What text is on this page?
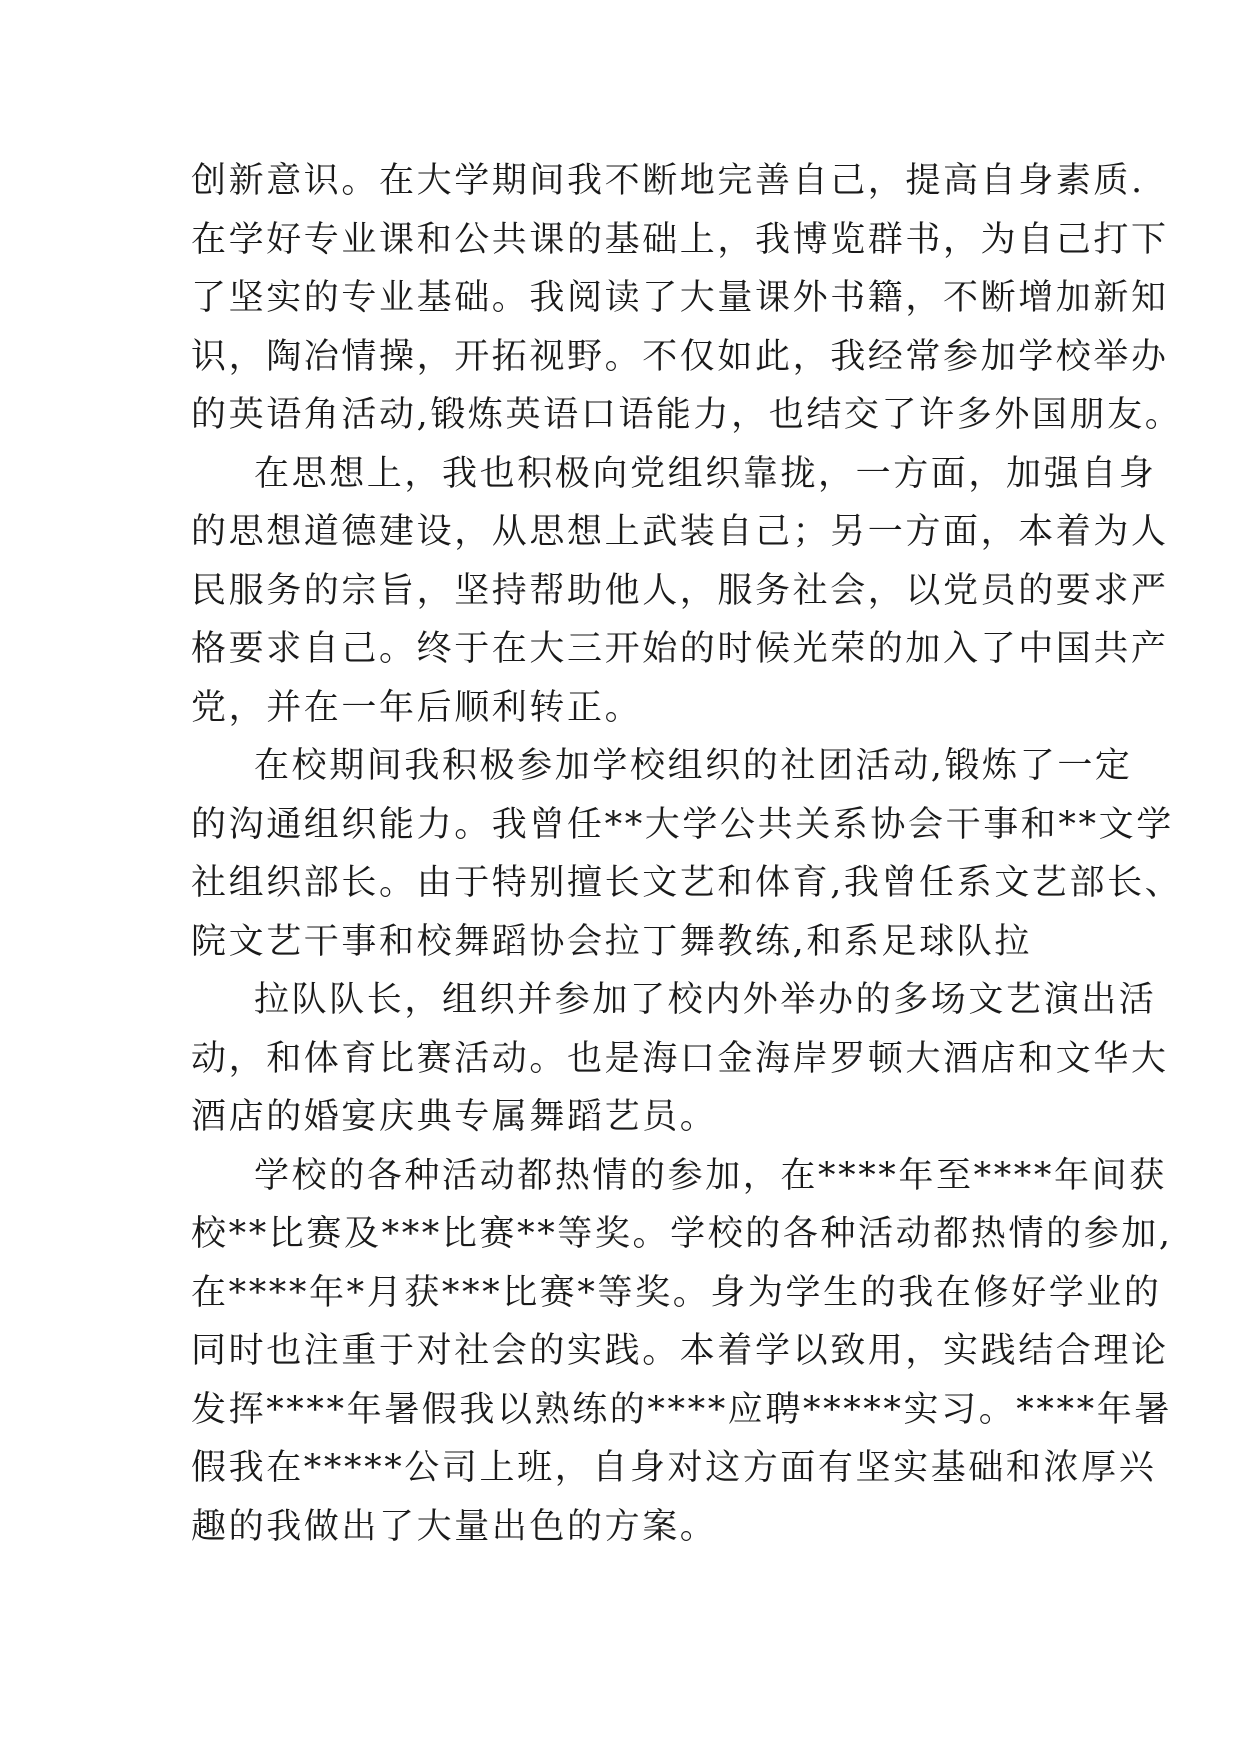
创新意识。在大学期间我不断地完善自己，提高自身素质.
在学好专业课和公共课的基础上，我博览群书，为自己打下
了坚实的专业基础。我阅读了大量课外书籍，不断增加新知
识，陶冶情操，开拓视野。不仅如此，我经常参加学校举办
的英语角活动,锻炼英语口语能力，也结交了许多外国朋友。
在思想上，我也积极向党组织靠拢，一方面，加强自身
的思想道德建设，从思想上武装自己；另一方面，本着为人
民服务的宗旨，坚持帮助他人，服务社会，以党员的要求严
格要求自己。终于在大三开始的时候光荣的加入了中国共产
党，并在一年后顺利转正。
在校期间我积极参加学校组织的社团活动,锻炼了一定
的沟通组织能力。我曾任**大学公共关系协会干事和**文学
社组织部长。由于特别擅长文艺和体育,我曾任系文艺部长、
院文艺干事和校舞蹈协会拉丁舞教练,和系足球队拉
拉队队长，组织并参加了校内外举办的多场文艺演出活
动，和体育比赛活动。也是海口金海岸罗顿大酒店和文华大
酒店的婚宴庆典专属舞蹈艺员。
学校的各种活动都热情的参加，在****年至****年间获
校**比赛及***比赛**等奖。学校的各种活动都热情的参加,
在****年*月获***比赛*等奖。身为学生的我在修好学业的
同时也注重于对社会的实践。本着学以致用，实践结合理论
发挥****年暑假我以熟练的****应聘*****实习。****年暑
假我在*****公司上班，自身对这方面有坚实基础和浓厚兴
趣的我做出了大量出色的方案。
